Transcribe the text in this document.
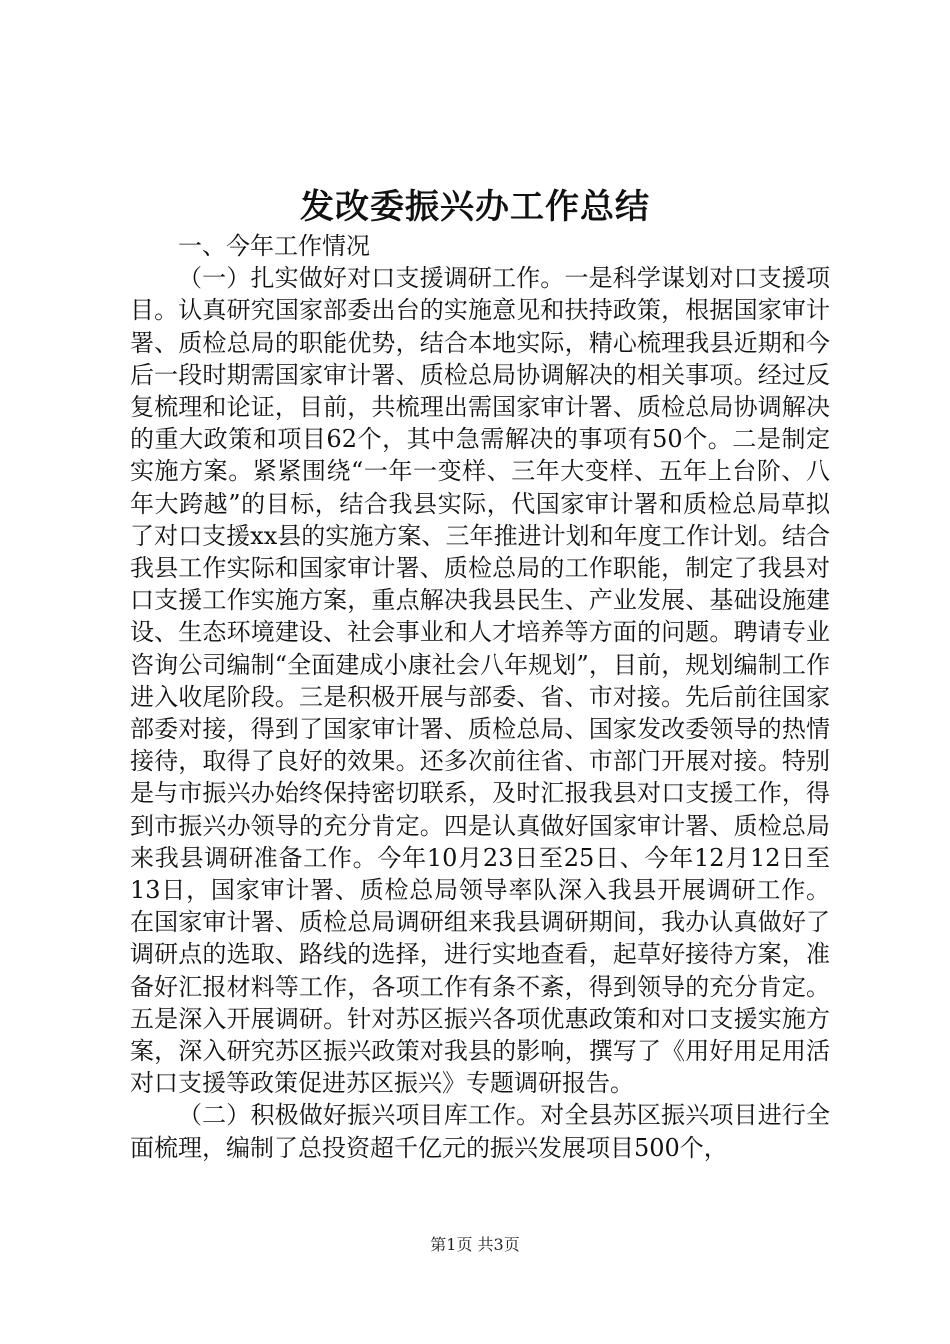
发改委振兴办工作总结

一、今年工作情况

（一）扎实做好对口支援调研工作。一是科学谋划对口支援项目。认真研究国家部委出台的实施意见和扶持政策，根据国家审计署、质检总局的职能优势，结合本地实际，精心梳理我县近期和今后一段时期需国家审计署、质检总局协调解决的相关事项。经过反复梳理和论证，目前，共梳理出需国家审计署、质检总局协调解决的重大政策和项目62个，其中急需解决的事项有50个。二是制定实施方案。紧紧围绕“一年一变样、三年大变样、五年上台阶、八年大跨越”的目标，结合我县实际，代国家审计署和质检总局草拟了对口支援xx县的实施方案、三年推进计划和年度工作计划。结合我县工作实际和国家审计署、质检总局的工作职能，制定了我县对口支援工作实施方案，重点解决我县民生、产业发展、基础设施建设、生态环境建设、社会事业和人才培养等方面的问题。聘请专业咨询公司编制“全面建成小康社会八年规划”，目前，规划编制工作进入收尾阶段。三是积极开展与部委、省、市对接。先后前往国家部委对接，得到了国家审计署、质检总局、国家发改委领导的热情接待，取得了良好的效果。还多次前往省、市部门开展对接。特别是与市振兴办始终保持密切联系，及时汇报我县对口支援工作，得到市振兴办领导的充分肯定。四是认真做好国家审计署、质检总局来我县调研准备工作。今年10月23日至25日、今年12月12日至13日，国家审计署、质检总局领导率队深入我县开展调研工作。在国家审计署、质检总局调研组来我县调研期间，我办认真做好了调研点的选取、路线的选择，进行实地查看，起草好接待方案，准备好汇报材料等工作，各项工作有条不紊，得到领导的充分肯定。五是深入开展调研。针对苏区振兴各项优惠政策和对口支援实施方案，深入研究苏区振兴政策对我县的影响，撰写了《用好用足用活对口支援等政策促进苏区振兴》专题调研报告。

（二）积极做好振兴项目库工作。对全县苏区振兴项目进行全面梳理，编制了总投资超千亿元的振兴发展项目500个，

第1页 共3页
